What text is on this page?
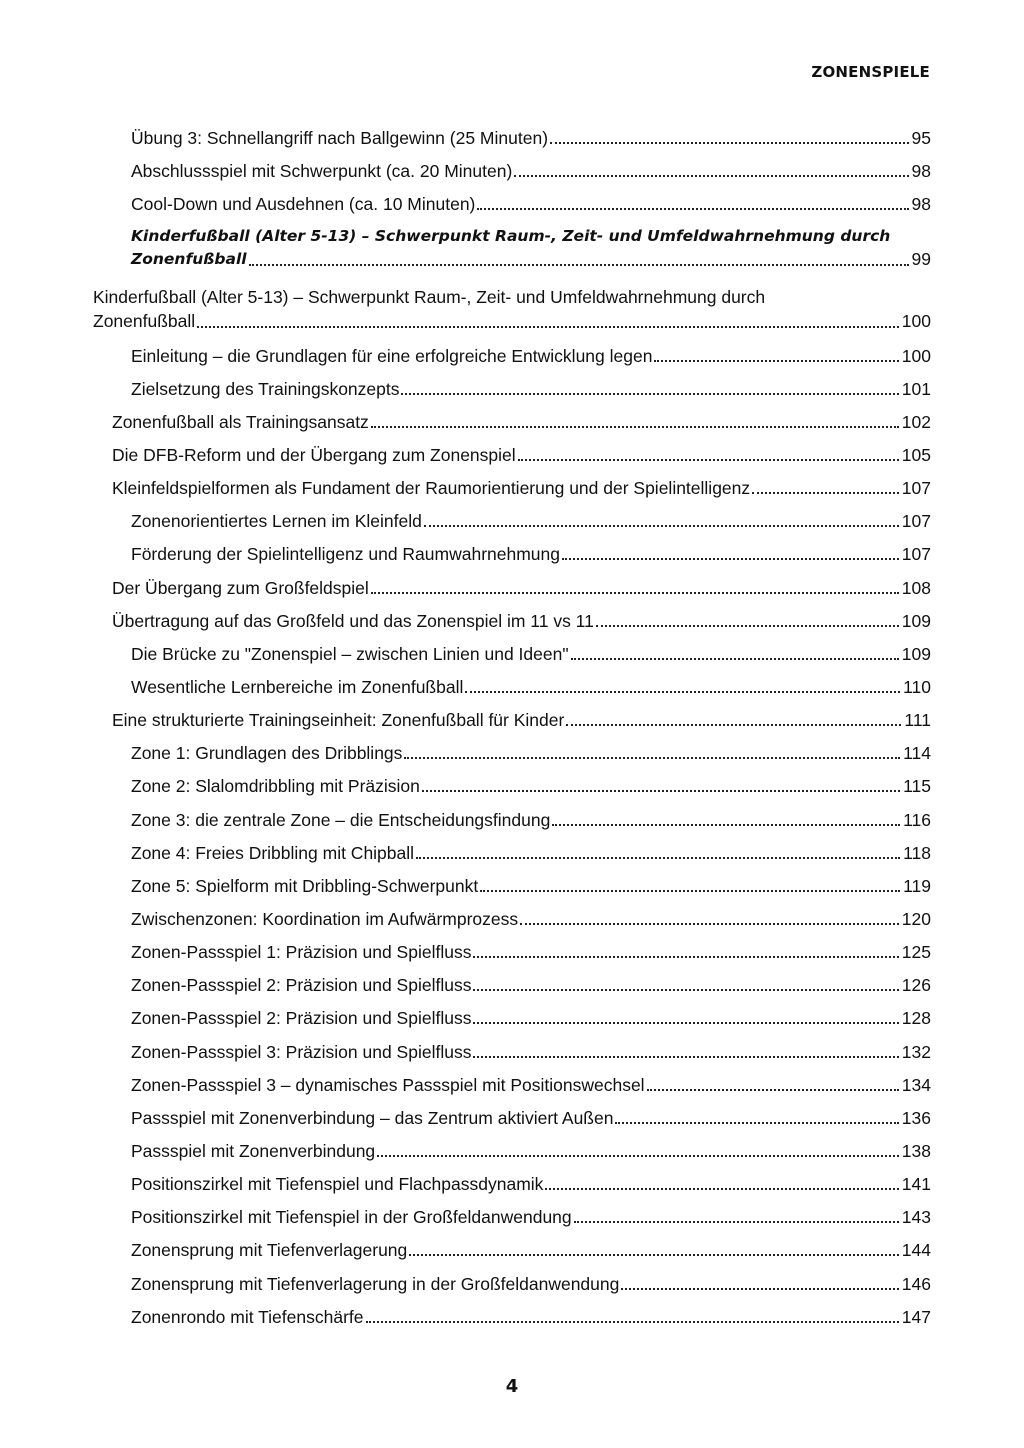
ZONENSPIELE
Übung 3: Schnellangriff nach Ballgewinn (25 Minuten)	95
Abschlussspiel mit Schwerpunkt (ca. 20 Minuten)	98
Cool-Down und Ausdehnen (ca. 10 Minuten)	98
Kinderfußball (Alter 5-13) – Schwerpunkt Raum-, Zeit- und Umfeldwahrnehmung durch
Zonenfußball	99
Kinderfußball (Alter 5-13) – Schwerpunkt Raum-, Zeit- und Umfeldwahrnehmung durch
Zonenfußball	100
Einleitung – die Grundlagen für eine erfolgreiche Entwicklung legen	100
Zielsetzung des Trainingskonzepts	101
Zonenfußball als Trainingsansatz	102
Die DFB-Reform und der Übergang zum Zonenspiel	105
Kleinfeldspielformen als Fundament der Raumorientierung und der Spielintelligenz	107
Zonenorientiertes Lernen im Kleinfeld	107
Förderung der Spielintelligenz und Raumwahrnehmung	107
Der Übergang zum Großfeldspiel	108
Übertragung auf das Großfeld und das Zonenspiel im 11 vs 11	109
Die Brücke zu "Zonenspiel – zwischen Linien und Ideen"	109
Wesentliche Lernbereiche im Zonenfußball	110
Eine strukturierte Trainingseinheit: Zonenfußball für Kinder	111
Zone 1: Grundlagen des Dribblings	114
Zone 2: Slalomdribbling mit Präzision	115
Zone 3: die zentrale Zone – die Entscheidungsfindung	116
Zone 4: Freies Dribbling mit Chipball	118
Zone 5: Spielform mit Dribbling-Schwerpunkt	119
Zwischenzonen: Koordination im Aufwärmprozess	120
Zonen-Passspiel 1: Präzision und Spielfluss	125
Zonen-Passspiel 2: Präzision und Spielfluss	126
Zonen-Passspiel 2: Präzision und Spielfluss	128
Zonen-Passspiel 3: Präzision und Spielfluss	132
Zonen-Passspiel 3 – dynamisches Passspiel mit Positionswechsel	134
Passspiel mit Zonenverbindung – das Zentrum aktiviert Außen	136
Passspiel mit Zonenverbindung	138
Positionszirkel mit Tiefenspiel und Flachpassdynamik	141
Positionszirkel mit Tiefenspiel in der Großfeldanwendung	143
Zonensprung mit Tiefenverlagerung	144
Zonensprung mit Tiefenverlagerung in der Großfeldanwendung	146
Zonenrondo mit Tiefenschärfe	147
4
